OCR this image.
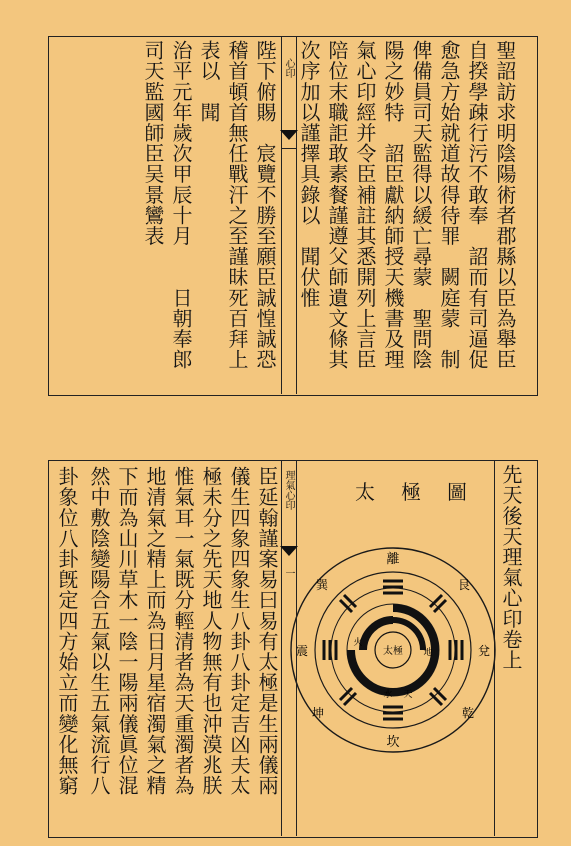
聖詔訪求明陰陽術者郡縣以臣為舉臣
自揆學疎行污不敢奉　詔而有司逼促
愈急方始就道故得待罪　闕庭蒙　制
俾備員司天監得以緩亡尋蒙　聖問陰
陽之妙特　詔臣獻納師授天機書及理
氣心印經并令臣補註其悉開列上言臣
陪位末職詎敢素餐謹遵父師遺文條其
次序加以謹擇具錄以　聞伏惟
心印
陛下俯賜　宸覽不勝至願臣誠惶誠恐
稽首頓首無任戰汗之至謹昧死百拜上
表以　聞
治平元年歲次甲辰十月　　日朝奉郎
司天監國師臣吴景鸞表
先天後天理氣心印卷上
太極圖
太極
火
天
水
地
離
坎
震	兌
乾
坤
巽	艮
理氣心印
一
臣延翰謹案易曰易有太極是生兩儀兩
儀生四象四象生八卦八卦定吉凶夫太
極未分之先天地人物無有也沖漠兆朕
惟氣耳一氣既分輕清者為天重濁者為
地清氣之精上而為日月星宿濁氣之精
下而為山川草木一陰一陽兩儀眞位混
然中敷陰變陽合五氣以生五氣流行八
卦象位八卦旣定四方始立而變化無窮
